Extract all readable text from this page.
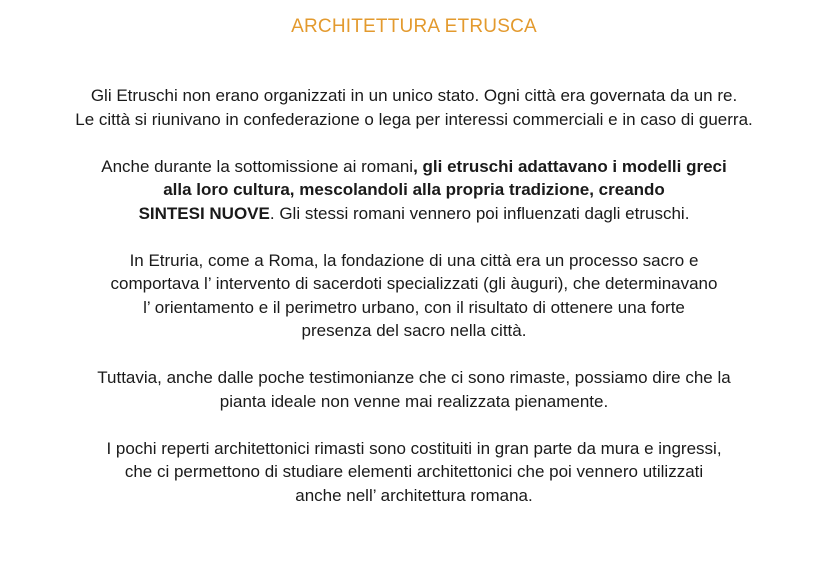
ARCHITETTURA ETRUSCA

Gli Etruschi non erano organizzati in un unico stato. Ogni città era governata da un re.
Le città si riunivano in confederazione o lega per interessi commerciali e in caso di guerra.

Anche durante la sottomissione ai romani, gli etruschi adattavano i modelli greci
alla loro cultura, mescolandoli alla propria tradizione, creando
SINTESI NUOVE. Gli stessi romani vennero poi influenzati dagli etruschi.

In Etruria, come a Roma, la fondazione di una città era un processo sacro e
comportava l’ intervento di sacerdoti specializzati (gli àuguri), che determinavano
l’ orientamento e il perimetro urbano, con il risultato di ottenere una forte
presenza del sacro nella città.

Tuttavia, anche dalle poche testimonianze che ci sono rimaste, possiamo dire che la
pianta ideale non venne mai realizzata pienamente.

I pochi reperti architettonici rimasti sono costituiti in gran parte da mura e ingressi,
che ci permettono di studiare elementi architettonici che poi vennero utilizzati
anche nell’ architettura romana.
